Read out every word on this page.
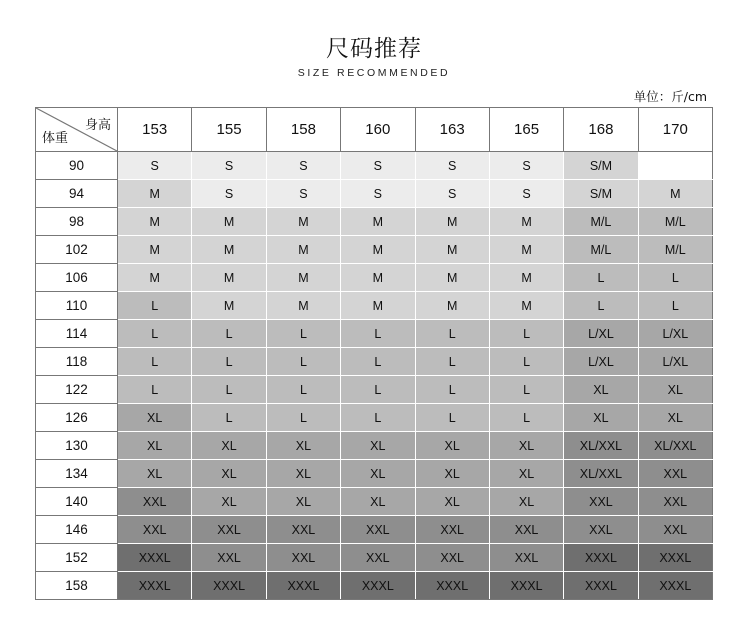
尺码推荐
SIZE RECOMMENDED
单位：斤/cm
身高
体重	153	155	158	160	163	165	168	170
90	S	S	S	S	S	S	S/M	
94	M	S	S	S	S	S	S/M	M
98	M	M	M	M	M	M	M/L	M/L
102	M	M	M	M	M	M	M/L	M/L
106	M	M	M	M	M	M	L	L
110	L	M	M	M	M	M	L	L
114	L	L	L	L	L	L	L/XL	L/XL
118	L	L	L	L	L	L	L/XL	L/XL
122	L	L	L	L	L	L	XL	XL
126	XL	L	L	L	L	L	XL	XL
130	XL	XL	XL	XL	XL	XL	XL/XXL	XL/XXL
134	XL	XL	XL	XL	XL	XL	XL/XXL	XXL
140	XXL	XL	XL	XL	XL	XL	XXL	XXL
146	XXL	XXL	XXL	XXL	XXL	XXL	XXL	XXL
152	XXXL	XXL	XXL	XXL	XXL	XXL	XXXL	XXXL
158	XXXL	XXXL	XXXL	XXXL	XXXL	XXXL	XXXL	XXXL
